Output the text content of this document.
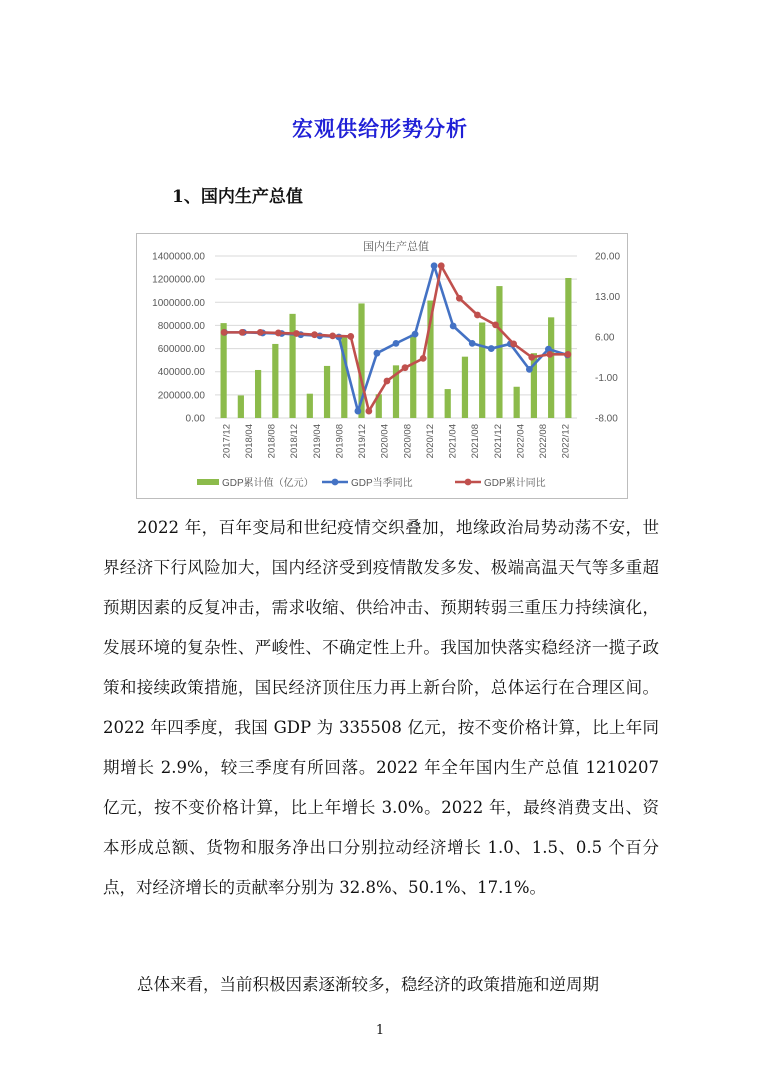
宏观供给形势分析
1、国内生产总值
0.00
200000.00
400000.00
600000.00
800000.00
1000000.00
1200000.00
1400000.00
-8.00
-1.00
6.00
13.00
20.00
国内生产总值
2017/12 2018/04 2018/08 2018/12 2019/04 2019/08 2019/12 2020/04 2020/08 2020/12 2021/04 2021/08 2021/12 2022/04 2022/08 2022/12
GDP累计值（亿元）	GDP当季同比	GDP累计同比

2022 年，百年变局和世纪疫情交织叠加，地缘政治局势动荡不安，世界经济下行风险加大，国内经济受到疫情散发多发、极端高温天气等多重超预期因素的反复冲击，需求收缩、供给冲击、预期转弱三重压力持续演化，发展环境的复杂性、严峻性、不确定性上升。我国加快落实稳经济一揽子政策和接续政策措施，国民经济顶住压力再上新台阶，总体运行在合理区间。2022 年四季度，我国 GDP 为 335508 亿元，按不变价格计算，比上年同期增长 2.9%，较三季度有所回落。2022 年全年国内生产总值 1210207 亿元，按不变价格计算，比上年增长 3.0%。2022 年，最终消费支出、资本形成总额、货物和服务净出口分别拉动经济增长 1.0、1.5、0.5 个百分点，对经济增长的贡献率分别为 32.8%、50.1%、17.1%。

总体来看，当前积极因素逐渐较多，稳经济的政策措施和逆周期

1
